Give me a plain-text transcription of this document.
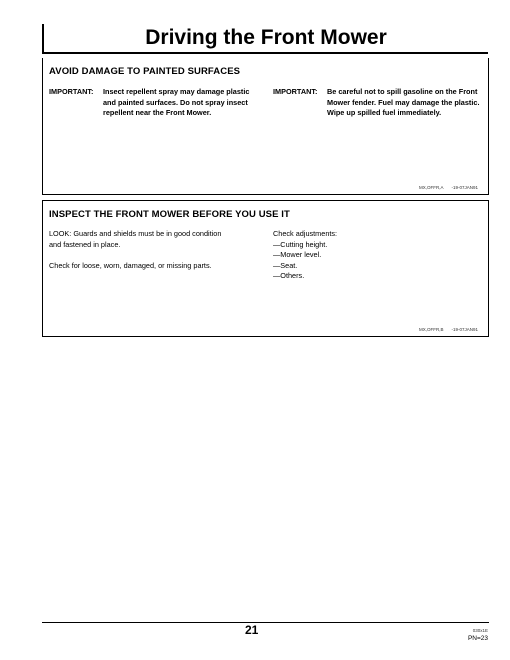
Driving the Front Mower
AVOID DAMAGE TO PAINTED SURFACES
IMPORTANT:	Insect repellent spray may damage plastic and painted surfaces. Do not spray insect repellent near the Front Mower.
IMPORTANT:	Be careful not to spill gasoline on the Front Mower fender. Fuel may damage the plastic. Wipe up spilled fuel immediately.
MX,OFFR,A -19-07JAN91
INSPECT THE FRONT MOWER BEFORE YOU USE IT
LOOK: Guards and shields must be in good condition
and fastened in place.
Check for loose, worn, damaged, or missing parts.
Check adjustments:
—Cutting height.
—Mower level.
—Seat.
—Others.
MX,OFFR,B -19-07JAN91
21	030x1E
PN=23
